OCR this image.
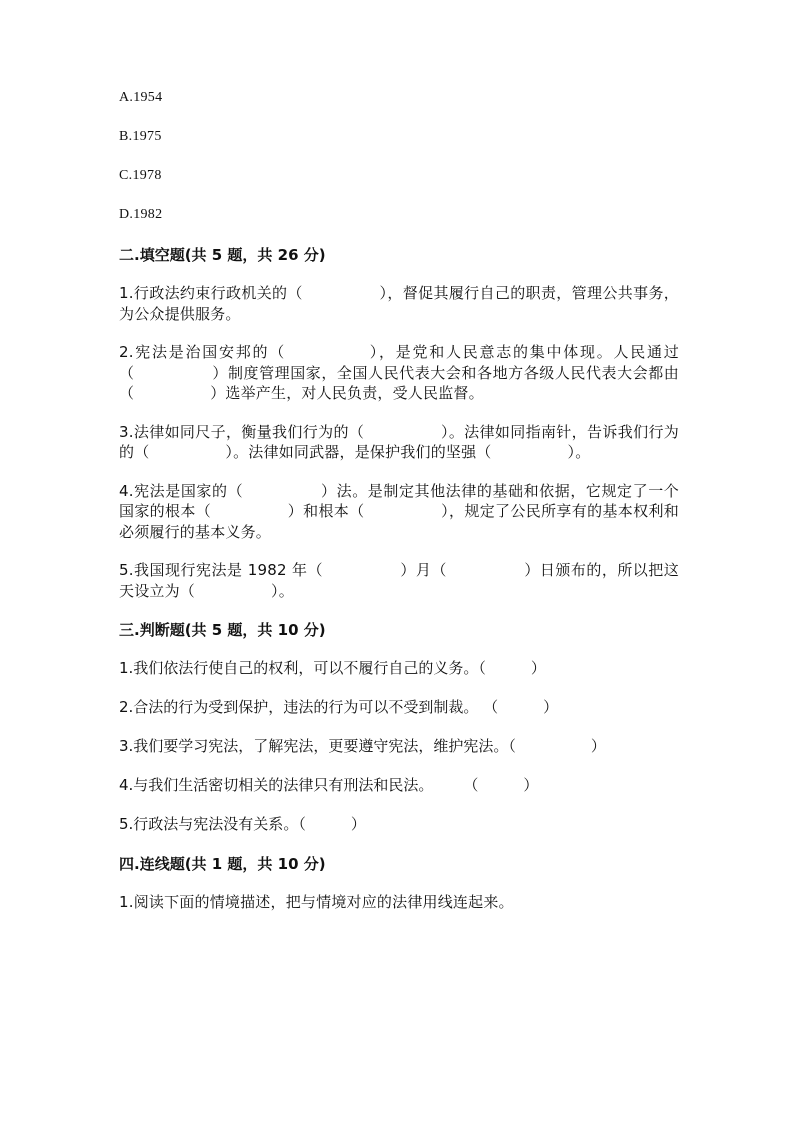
A.1954
B.1975
C.1978
D.1982
二.填空题(共 5 题，共 26 分)
1.行政法约束行政机关的（　　　　　），督促其履行自己的职责，管理公共事务，为公众提供服务。
2.宪法是治国安邦的（　　　　　），是党和人民意志的集中体现。人民通过（　　　　　）制度管理国家，全国人民代表大会和各地方各级人民代表大会都由（　　　　　）选举产生，对人民负责，受人民监督。
3.法律如同尺子，衡量我们行为的（　　　　　）。法律如同指南针，告诉我们行为的（　　　　　）。法律如同武器，是保护我们的坚强（　　　　　）。
4.宪法是国家的（　　　　　）法。是制定其他法律的基础和依据，它规定了一个国家的根本（　　　　　）和根本（　　　　　），规定了公民所享有的基本权利和必须履行的基本义务。
5.我国现行宪法是 1982 年（　　　　　）月（　　　　　）日颁布的，所以把这天设立为（　　　　　）。
三.判断题(共 5 题，共 10 分)
1.我们依法行使自己的权利，可以不履行自己的义务。（　　　）
2.合法的行为受到保护，违法的行为可以不受到制裁。 （　　　）
3.我们要学习宪法，了解宪法，更要遵守宪法，维护宪法。（　　　　　）
4.与我们生活密切相关的法律只有刑法和民法。　　　（　　　）
5.行政法与宪法没有关系。（　　　）
四.连线题(共 1 题，共 10 分)
1.阅读下面的情境描述，把与情境对应的法律用线连起来。
